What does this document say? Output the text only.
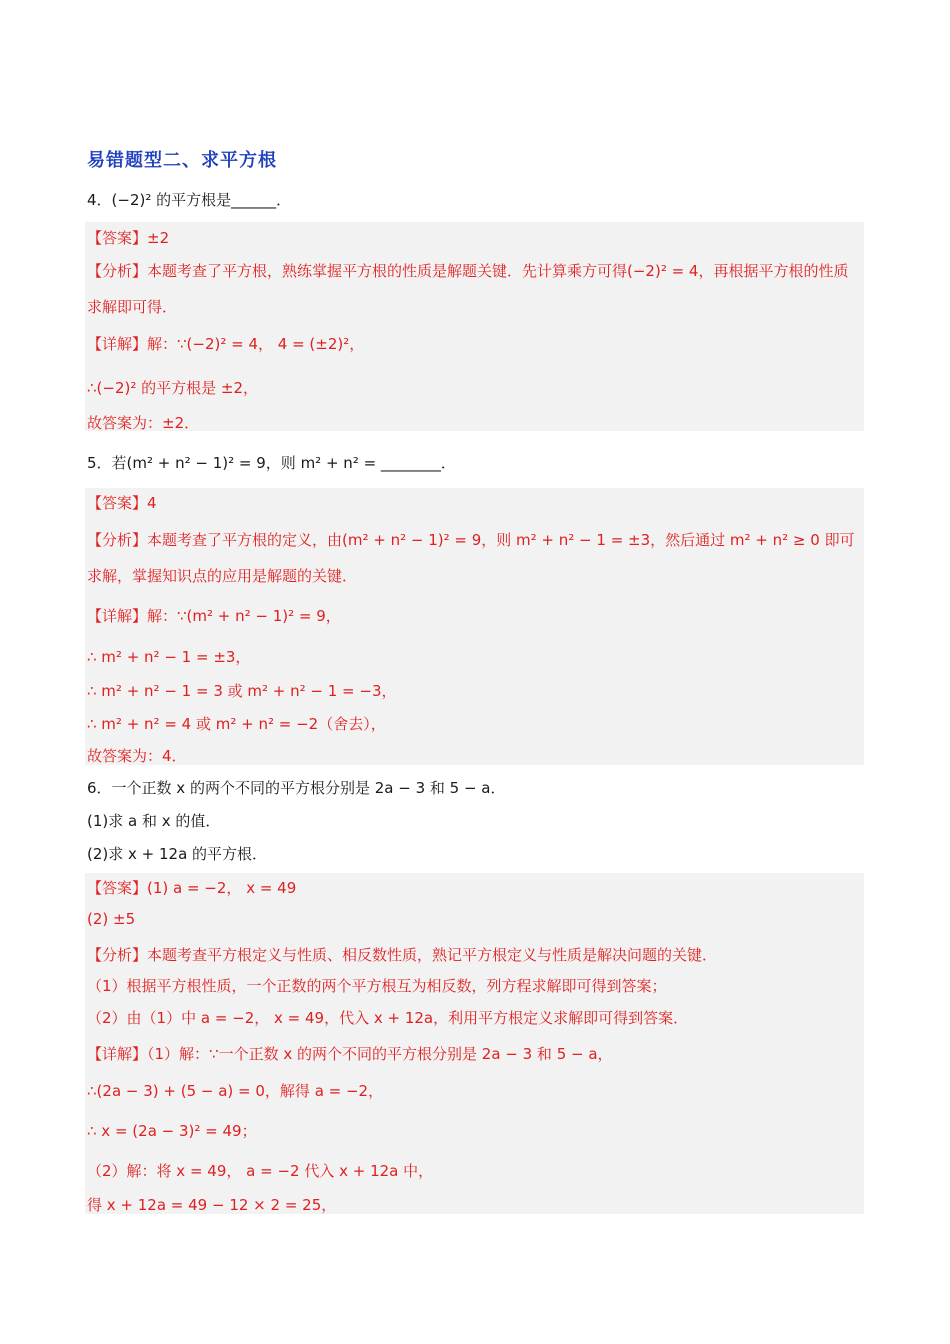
易错题型二、求平方根
4．(−2)² 的平方根是______．
【答案】±2
【分析】本题考查了平方根，熟练掌握平方根的性质是解题关键．先计算乘方可得(−2)² = 4，再根据平方根的性质求解即可得．
【详解】解：∵(−2)² = 4， 4 = (±2)²，
∴(−2)² 的平方根是 ±2，
故答案为：±2．
5．若(m² + n² − 1)² = 9，则 m² + n² = ________．
【答案】4
【分析】本题考查了平方根的定义，由(m² + n² − 1)² = 9，则 m² + n² − 1 = ±3，然后通过 m² + n² ≥ 0 即可求解，掌握知识点的应用是解题的关键．
【详解】解：∵(m² + n² − 1)² = 9，
∴ m² + n² − 1 = ±3，
∴ m² + n² − 1 = 3 或 m² + n² − 1 = −3，
∴ m² + n² = 4 或 m² + n² = −2（舍去），
故答案为：4．
6．一个正数 x 的两个不同的平方根分别是 2a − 3 和 5 − a．
(1)求 a 和 x 的值．
(2)求 x + 12a 的平方根．
【答案】(1) a = −2， x = 49
(2) ±5
【分析】本题考查平方根定义与性质、相反数性质，熟记平方根定义与性质是解决问题的关键．
（1）根据平方根性质，一个正数的两个平方根互为相反数，列方程求解即可得到答案；
（2）由（1）中 a = −2， x = 49，代入 x + 12a，利用平方根定义求解即可得到答案．
【详解】（1）解：∵一个正数 x 的两个不同的平方根分别是 2a − 3 和 5 − a，
∴(2a − 3) + (5 − a) = 0，解得 a = −2，
∴ x = (2a − 3)² = 49；
（2）解：将 x = 49， a = −2 代入 x + 12a 中，
得 x + 12a = 49 − 12 × 2 = 25，
